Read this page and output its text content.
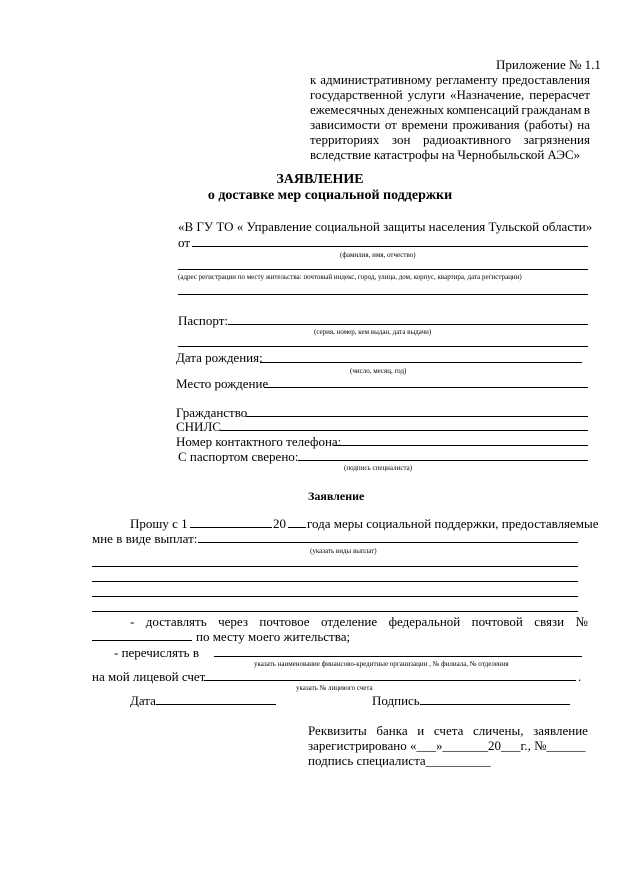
Приложение № 1.1
к административному регламенту предоставления
государственной услуги «Назначение, перерасчет
ежемесячных денежных компенсаций гражданам в
зависимости от времени проживания (работы) на
территориях зон радиоактивного загрязнения
вследствие катастрофы на Чернобыльской АЭС»
ЗАЯВЛЕНИЕ
о доставке мер социальной поддержки
«В ГУ ТО « Управление социальной защиты населения Тульской области»
от
(фамилия, имя, отчество)
(адрес регистрации по месту жительства: почтовый индекс, город, улица, дом, корпус, квартира, дата регистрации)
Паспорт:
(серия, номер, кем выдан, дата выдачи)
Дата рождения:
(число, месяц, год)
Место рождение
Гражданство
СНИЛС
Номер контактного телефона:
С паспортом сверено:
(подпись специалиста)
Заявление
Прошу с 1	20 года меры социальной поддержки, предоставляемые
мне в виде выплат:
(указать виды выплат)
- доставлять через почтовое отделение федеральной почтовой связи №
по месту моего жительства;
- перечислять в
указать наименование финансово-кредитные организации , № филиала, № отделения
на мой лицевой счет	.
указать № лицевого счета
Дата	Подпись
Реквизиты банка и счета сличены, заявление
зарегистрировано «___»_______20___г., №______
подпись специалиста__________
